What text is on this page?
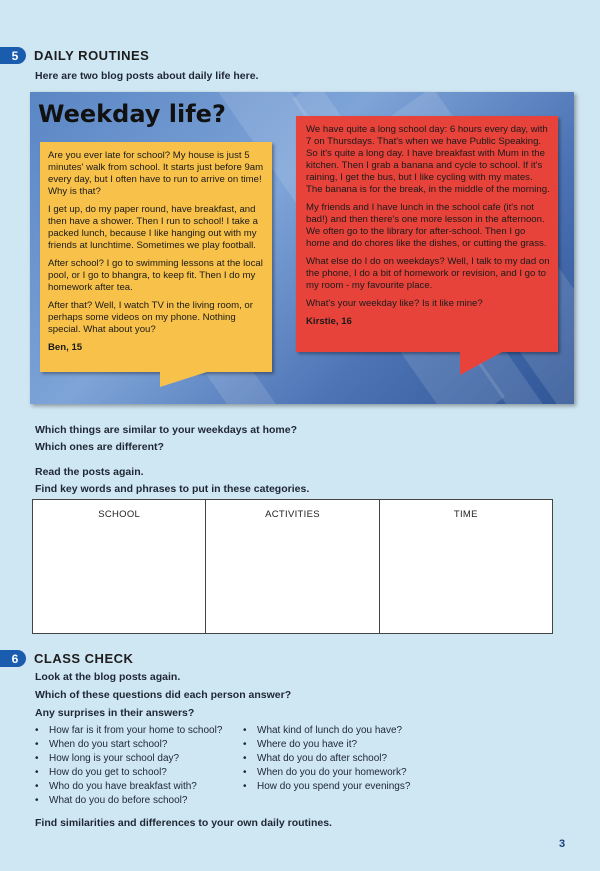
5	DAILY ROUTINES
Here are two blog posts about daily life here.
Weekday life?

Are you ever late for school? My house is just 5 minutes' walk from school. It starts just before 9am every day, but I often have to run to arrive on time! Why is that?

I get up, do my paper round, have breakfast, and then have a shower. Then I run to school! I take a packed lunch, because I like hanging out with my friends at lunchtime. Sometimes we play football.

After school? I go to swimming lessons at the local pool, or I go to bhangra, to keep fit. Then I do my homework after tea.

After that? Well, I watch TV in the living room, or perhaps some videos on my phone. Nothing special. What about you?

Ben, 15

We have quite a long school day: 6 hours every day, with 7 on Thursdays. That's when we have Public Speaking. So it's quite a long day. I have breakfast with Mum in the kitchen. Then I grab a banana and cycle to school. If it's raining, I get the bus, but I like cycling with my mates. The banana is for the break, in the middle of the morning.

My friends and I have lunch in the school cafe (it's not bad!) and then there's one more lesson in the afternoon. We often go to the library for after-school. Then I go home and do chores like the dishes, or cutting the grass.

What else do I do on weekdays? Well, I talk to my dad on the phone, I do a bit of homework or revision, and I go to my room - my favourite place.

What's your weekday like? Is it like mine?

Kirstie, 16
Which things are similar to your weekdays at home?
Which ones are different?
Read the posts again.
Find key words and phrases to put in these categories.
SCHOOL	ACTIVITIES	TIME
6	CLASS CHECK
Look at the blog posts again.
Which of these questions did each person answer?
Any surprises in their answers?
• How far is it from your home to school?
• When do you start school?
• How long is your school day?
• How do you get to school?
• Who do you have breakfast with?
• What do you do before school?
• What kind of lunch do you have?
• Where do you have it?
• What do you do after school?
• When do you do your homework?
• How do you spend your evenings?
Find similarities and differences to your own daily routines.
3
